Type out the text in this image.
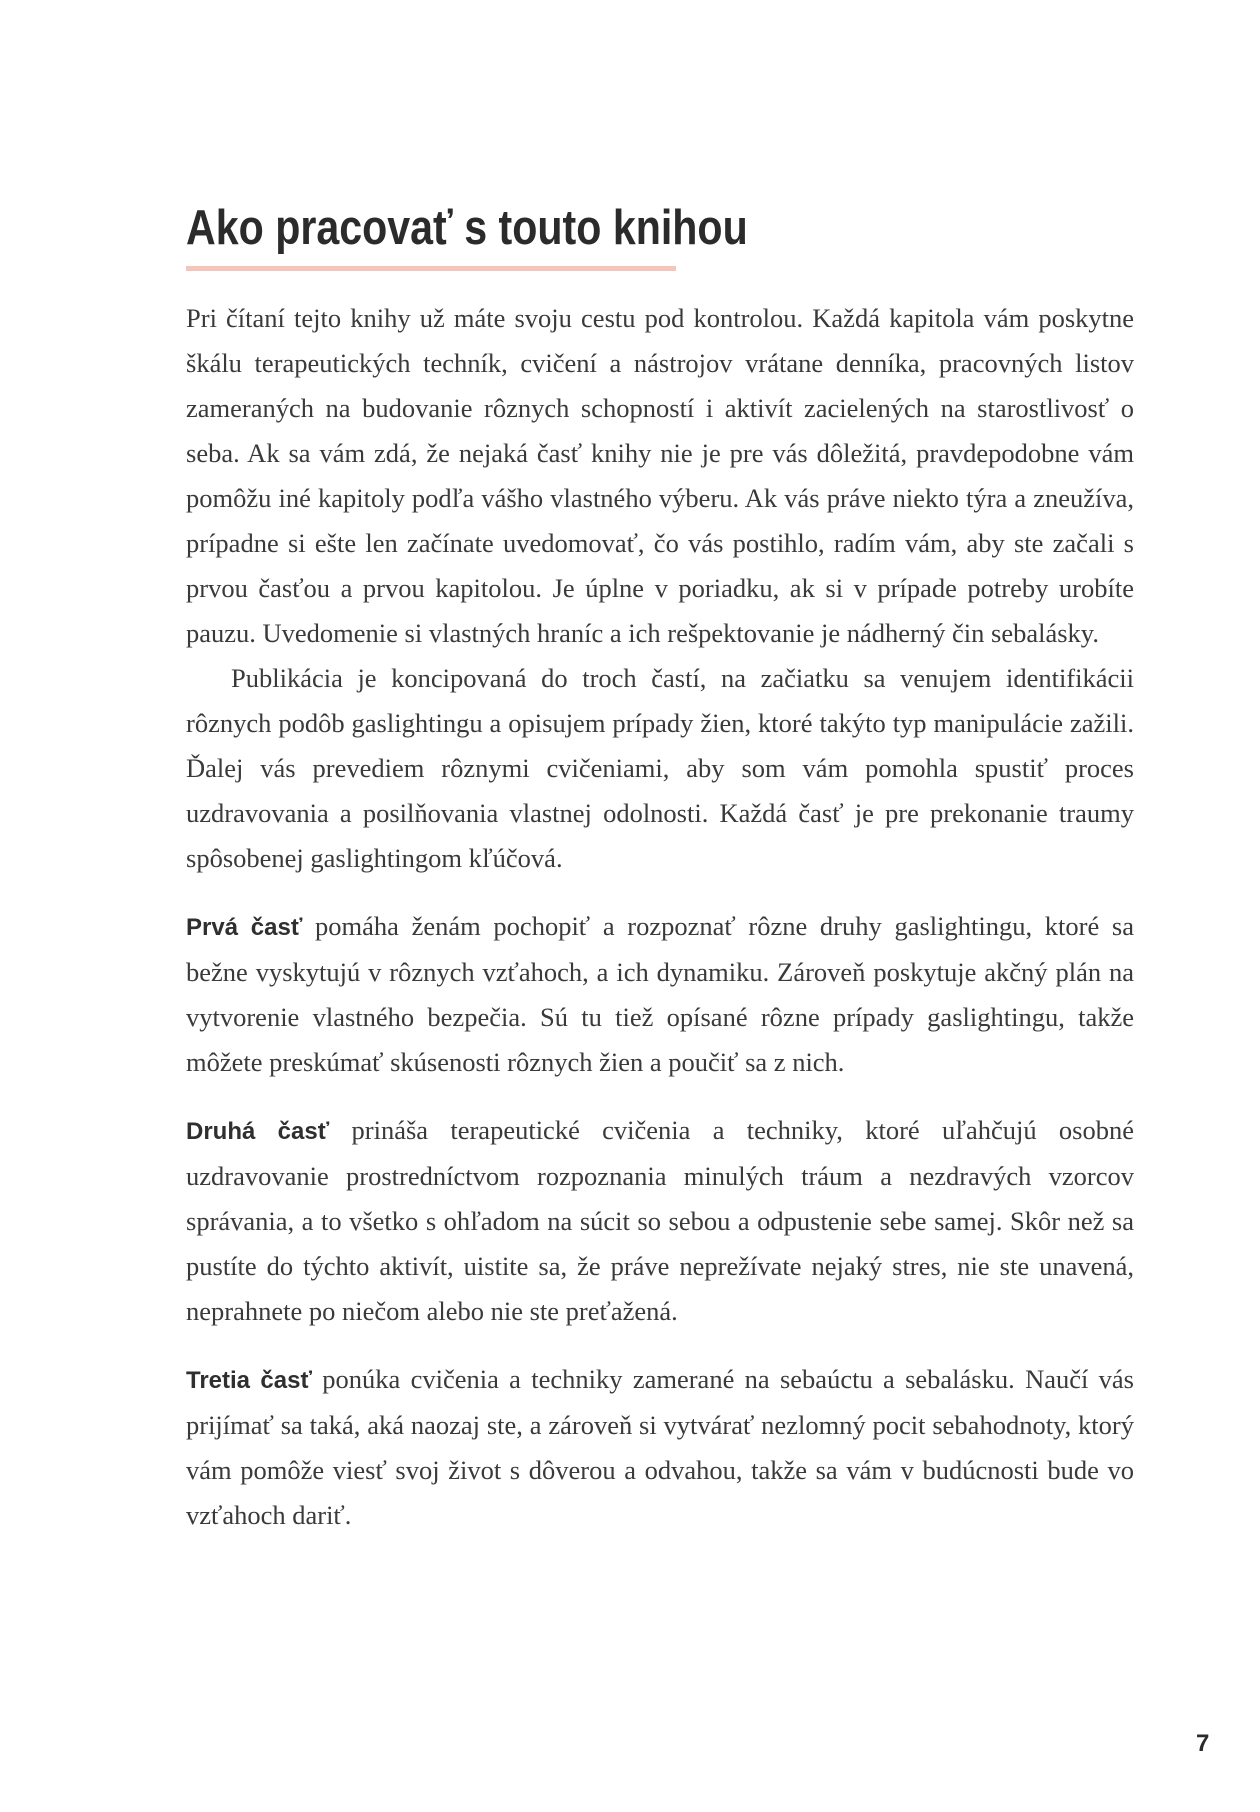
Ako pracovať s touto knihou

Pri čítaní tejto knihy už máte svoju cestu pod kontrolou. Každá kapitola vám poskytne škálu terapeutických techník, cvičení a nástrojov vrátane denníka, pracovných listov zameraných na budovanie rôznych schopností i aktivít zacielených na starostlivosť o seba. Ak sa vám zdá, že nejaká časť knihy nie je pre vás dôležitá, pravdepodobne vám pomôžu iné kapitoly podľa vášho vlastného výberu. Ak vás práve niekto týra a zneužíva, prípadne si ešte len začínate uvedomovať, čo vás postihlo, radím vám, aby ste začali s prvou časťou a prvou kapitolou. Je úplne v poriadku, ak si v prípade potreby urobíte pauzu. Uvedomenie si vlastných hraníc a ich rešpektovanie je nádherný čin sebalásky.

Publikácia je koncipovaná do troch častí, na začiatku sa venujem identifikácii rôznych podôb gaslightingu a opisujem prípady žien, ktoré takýto typ manipulácie zažili. Ďalej vás prevediem rôznymi cvičeniami, aby som vám pomohla spustiť proces uzdravovania a posilňovania vlastnej odolnosti. Každá časť je pre prekonanie traumy spôsobenej gaslightingom kľúčová.

Prvá časť pomáha ženám pochopiť a rozpoznať rôzne druhy gaslightingu, ktoré sa bežne vyskytujú v rôznych vzťahoch, a ich dynamiku. Zároveň poskytuje akčný plán na vytvorenie vlastného bezpečia. Sú tu tiež opísané rôzne prípady gaslightingu, takže môžete preskúmať skúsenosti rôznych žien a poučiť sa z nich.

Druhá časť prináša terapeutické cvičenia a techniky, ktoré uľahčujú osobné uzdravovanie prostredníctvom rozpoznania minulých tráum a nezdravých vzorcov správania, a to všetko s ohľadom na súcit so sebou a odpustenie sebe samej. Skôr než sa pustíte do týchto aktivít, uistite sa, že práve neprežívate nejaký stres, nie ste unavená, neprahnete po niečom alebo nie ste preťažená.

Tretia časť ponúka cvičenia a techniky zamerané na sebaúctu a sebalásku. Naučí vás prijímať sa taká, aká naozaj ste, a zároveň si vytvárať nezlomný pocit sebahodnoty, ktorý vám pomôže viesť svoj život s dôverou a odvahou, takže sa vám v budúcnosti bude vo vzťahoch dariť.

7
